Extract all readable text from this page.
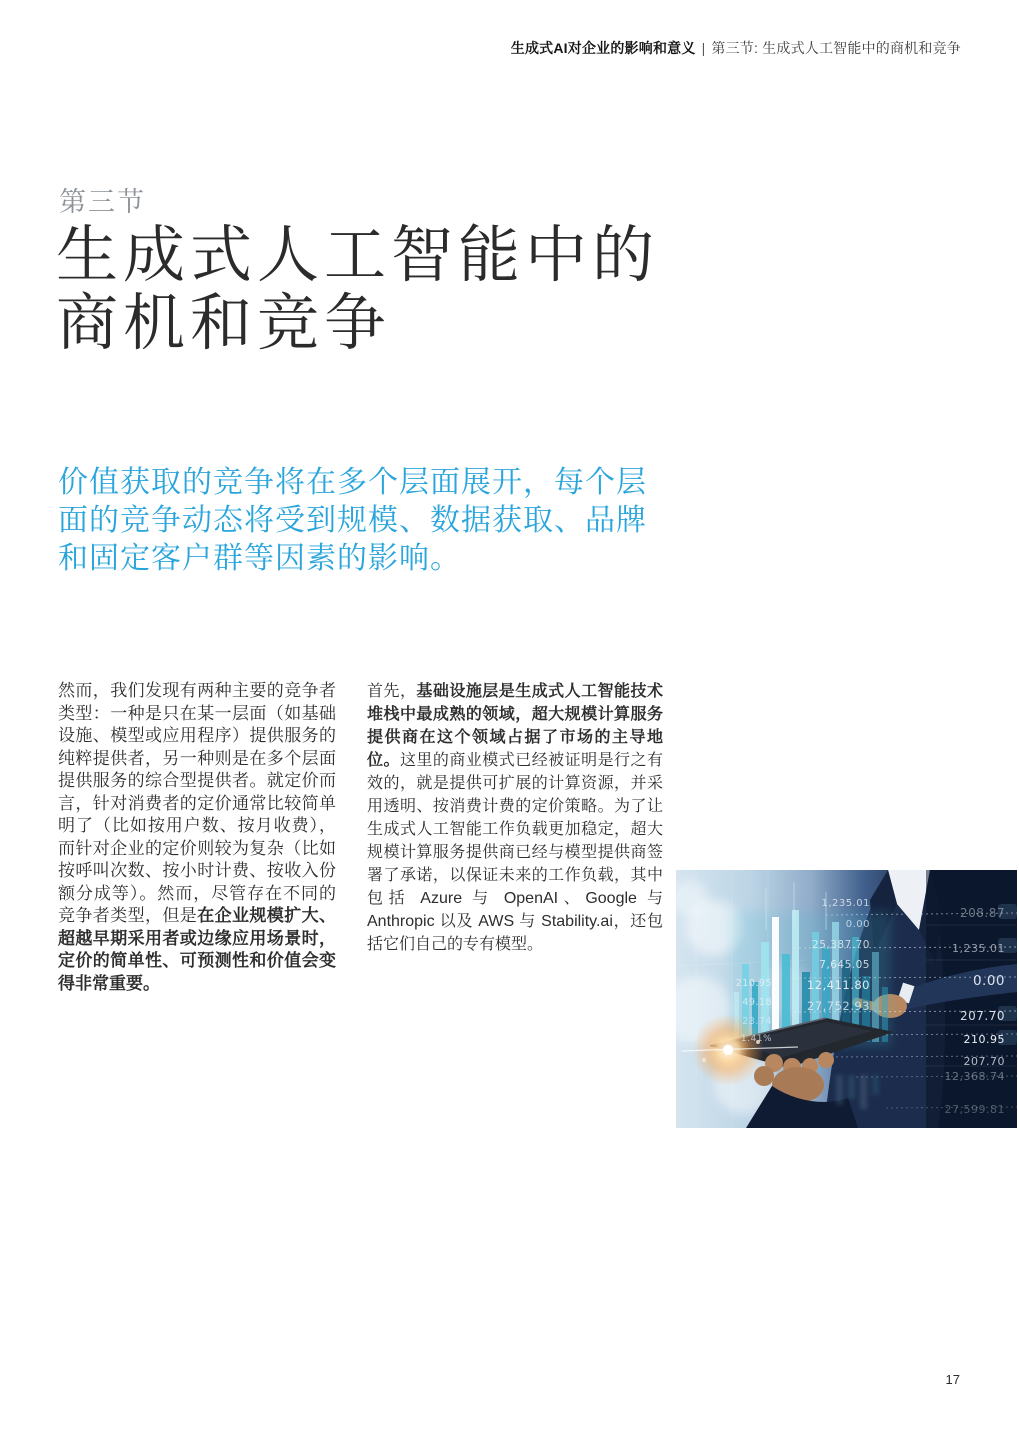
生成式AI对企业的影响和意义 | 第三节: 生成式人工智能中的商机和竞争
第三节
生成式人工智能中的
商机和竞争

价值获取的竞争将在多个层面展开，每个层面的竞争动态将受到规模、数据获取、品牌和固定客户群等因素的影响。

然而，我们发现有两种主要的竞争者类型：一种是只在某一层面（如基础设施、模型或应用程序）提供服务的纯粹提供者，另一种则是在多个层面提供服务的综合型提供者。就定价而言，针对消费者的定价通常比较简单明了（比如按用户数、按月收费），而针对企业的定价则较为复杂（比如按呼叫次数、按小时计费、按收入份额分成等）。然而，尽管存在不同的竞争者类型，但是在企业规模扩大、超越早期采用者或边缘应用场景时，定价的简单性、可预测性和价值会变得非常重要。
首先，基础设施层是生成式人工智能技术堆栈中最成熟的领域，超大规模计算服务提供商在这个领域占据了市场的主导地位。这里的商业模式已经被证明是行之有效的，就是提供可扩展的计算资源，并采用透明、按消费计费的定价策略。为了让生成式人工智能工作负载更加稳定，超大规模计算服务提供商已经与模型提供商签署了承诺，以保证未来的工作负载，其中包括 Azure 与 OpenAI、Google 与 Anthropic 以及 AWS 与 Stability.ai，还包括它们自己的专有模型。
1,235.01
0.00
25,387.70
7,645.05
12,411.80
27,752.93
210.95
49.18
23.74
1.41%
208.87
1,235.01
0.00
207.70
210.95
207.70
12,368.74
27,599.81
1.92
17
